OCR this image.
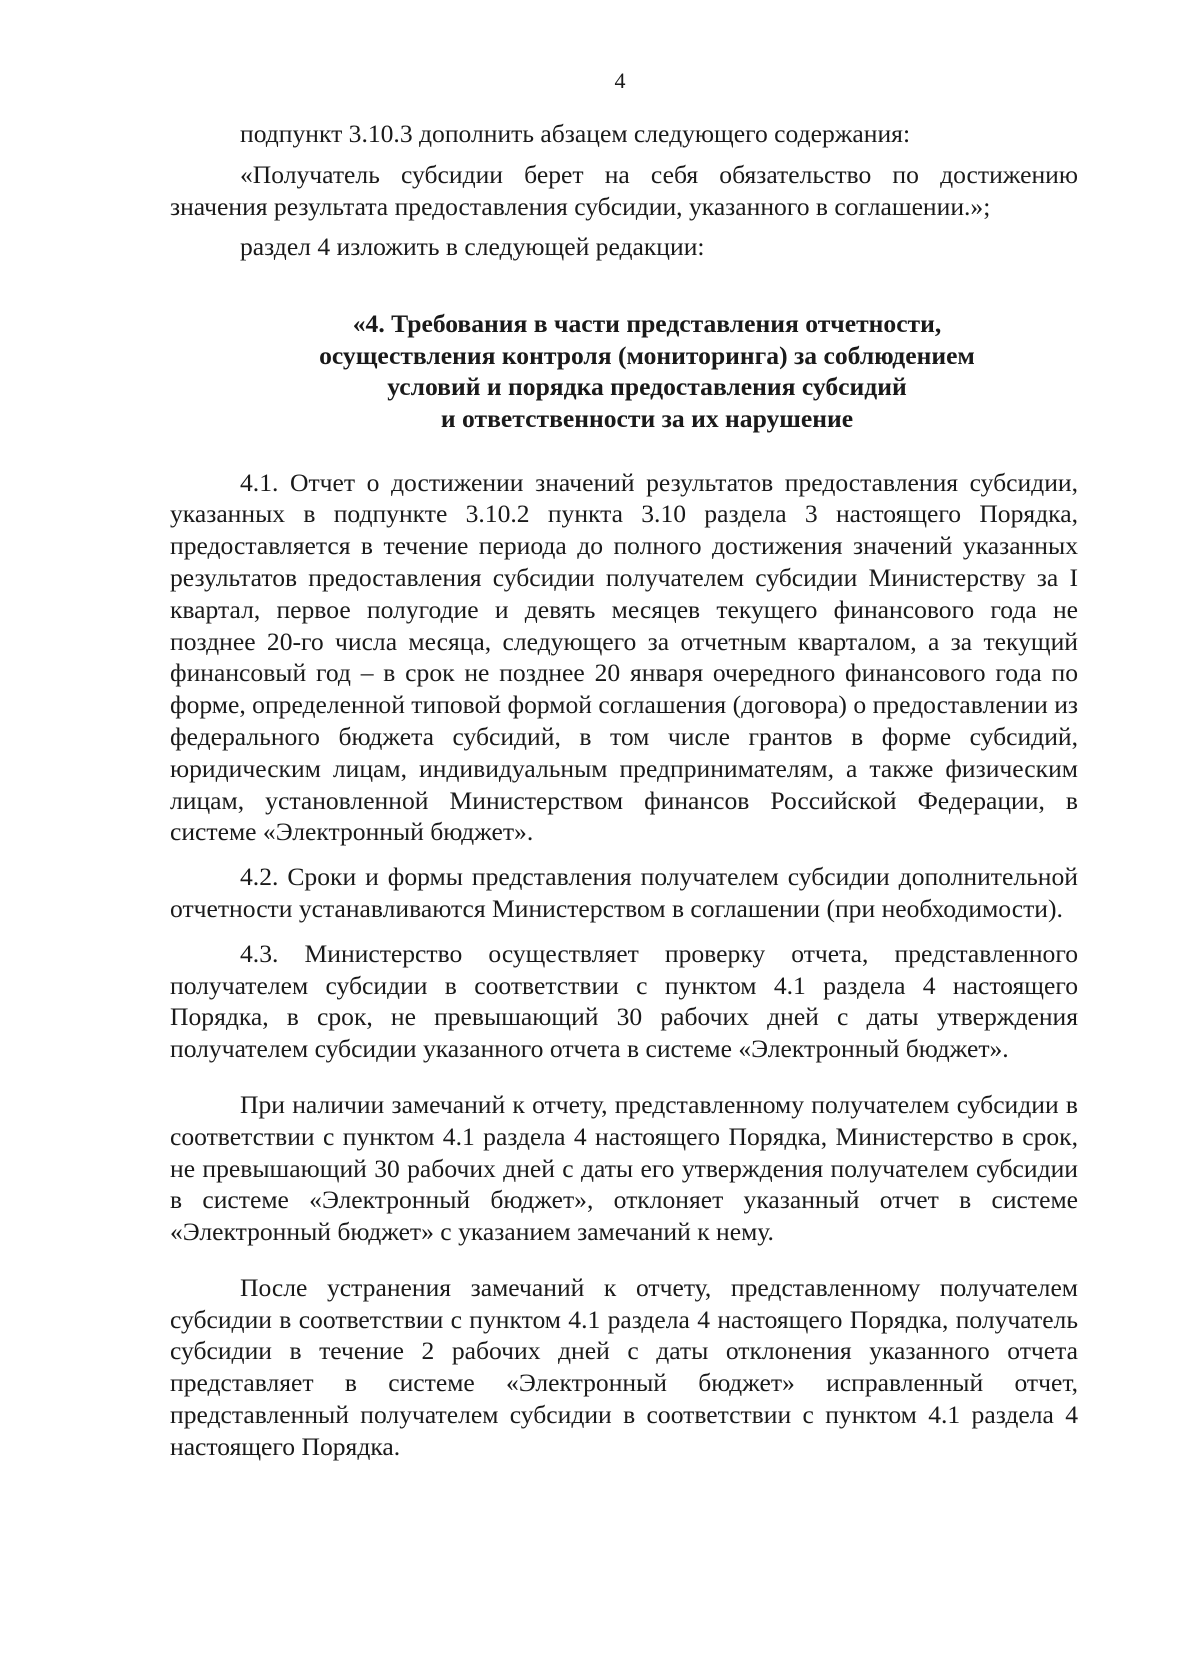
4

подпункт 3.10.3 дополнить абзацем следующего содержания:

«Получатель субсидии берет на себя обязательство по достижению значения результата предоставления субсидии, указанного в соглашении.»;

раздел 4 изложить в следующей редакции:

«4. Требования в части представления отчетности,
осуществления контроля (мониторинга) за соблюдением
условий и порядка предоставления субсидий
и ответственности за их нарушение

4.1. Отчет о достижении значений результатов предоставления субсидии, указанных в подпункте 3.10.2 пункта 3.10 раздела 3 настоящего Порядка, предоставляется в течение периода до полного достижения значений указанных результатов предоставления субсидии получателем субсидии Министерству за I квартал, первое полугодие и девять месяцев текущего финансового года не позднее 20-го числа месяца, следующего за отчетным кварталом, а за текущий финансовый год – в срок не позднее 20 января очередного финансового года по форме, определенной типовой формой соглашения (договора) о предоставлении из федерального бюджета субсидий, в том числе грантов в форме субсидий, юридическим лицам, индивидуальным предпринимателям, а также физическим лицам, установленной Министерством финансов Российской Федерации, в системе «Электронный бюджет».

4.2. Сроки и формы представления получателем субсидии дополнительной отчетности устанавливаются Министерством в соглашении (при необходимости).

4.3. Министерство осуществляет проверку отчета, представленного получателем субсидии в соответствии с пунктом 4.1 раздела 4 настоящего Порядка, в срок, не превышающий 30 рабочих дней с даты утверждения получателем субсидии указанного отчета в системе «Электронный бюджет».

При наличии замечаний к отчету, представленному получателем субсидии в соответствии с пунктом 4.1 раздела 4 настоящего Порядка, Министерство в срок, не превышающий 30 рабочих дней с даты его утверждения получателем субсидии в системе «Электронный бюджет», отклоняет указанный отчет в системе «Электронный бюджет» с указанием замечаний к нему.

После устранения замечаний к отчету, представленному получателем субсидии в соответствии с пунктом 4.1 раздела 4 настоящего Порядка, получатель субсидии в течение 2 рабочих дней с даты отклонения указанного отчета представляет в системе «Электронный бюджет» исправленный отчет, представленный получателем субсидии в соответствии с пунктом 4.1 раздела 4 настоящего Порядка.
